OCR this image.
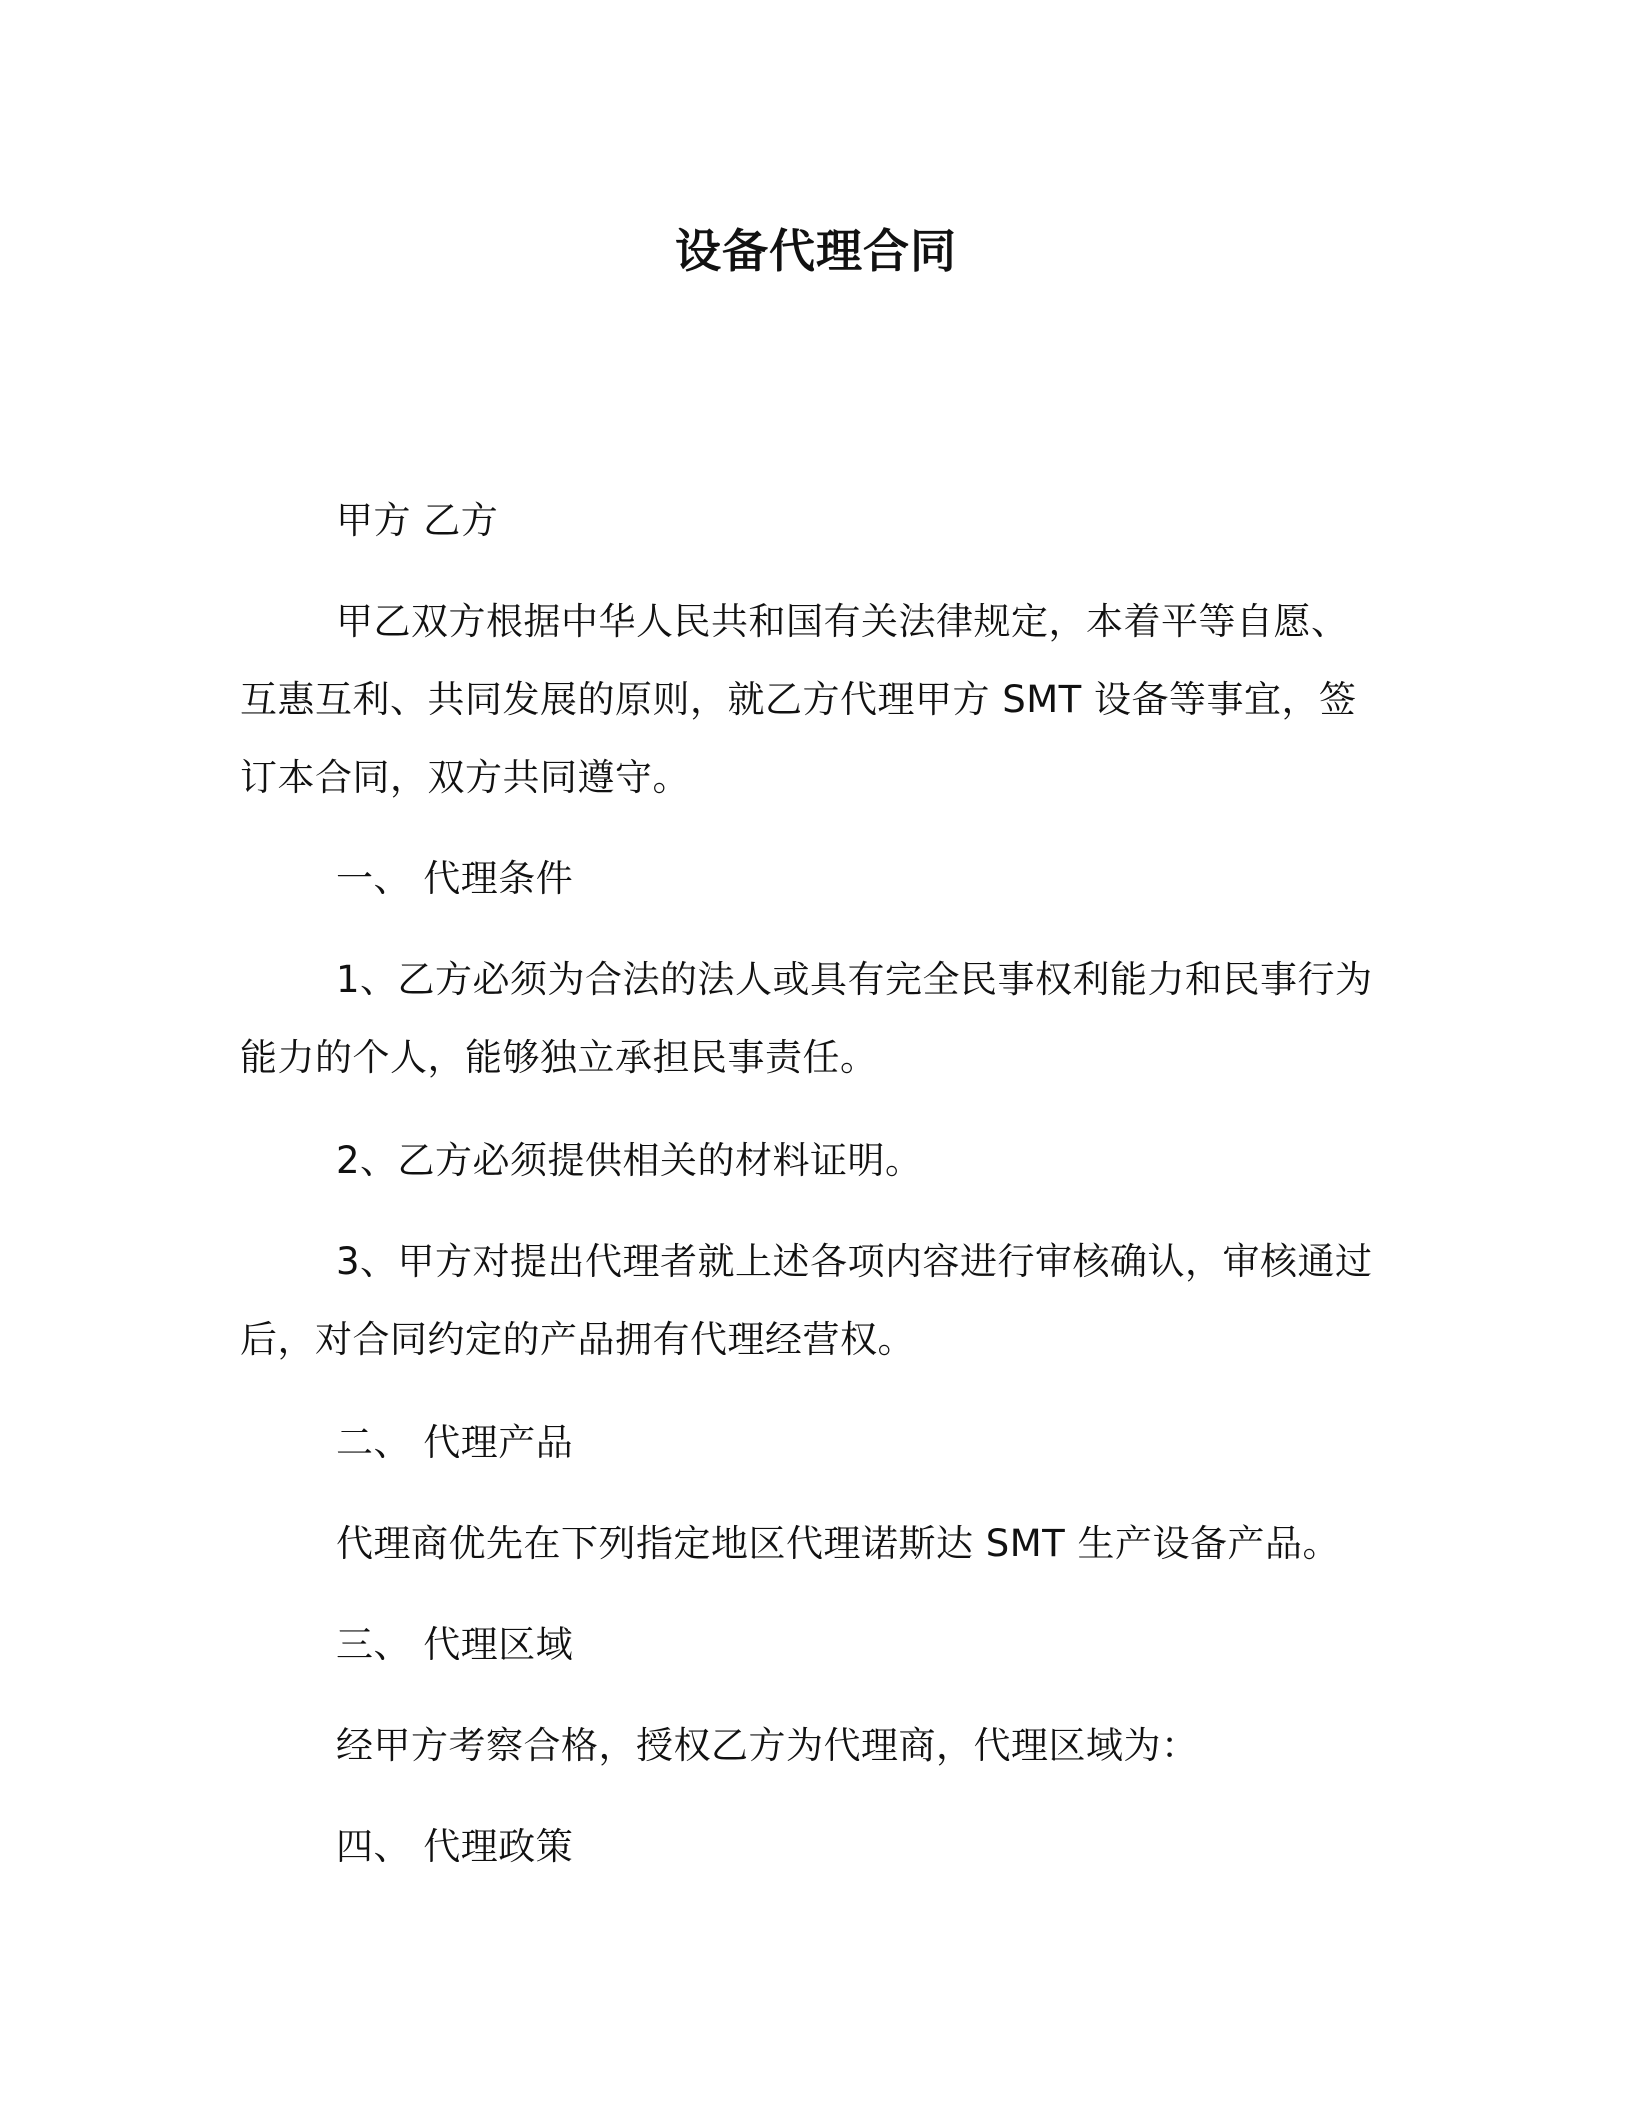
设备代理合同

甲方 乙方

甲乙双方根据中华人民共和国有关法律规定，本着平等自愿、互惠互利、共同发展的原则，就乙方代理甲方 SMT 设备等事宜，签订本合同，双方共同遵守。

一、 代理条件

1、乙方必须为合法的法人或具有完全民事权利能力和民事行为能力的个人，能够独立承担民事责任。

2、乙方必须提供相关的材料证明。

3、甲方对提出代理者就上述各项内容进行审核确认，审核通过后，对合同约定的产品拥有代理经营权。

二、 代理产品

代理商优先在下列指定地区代理诺斯达 SMT 生产设备产品。

三、 代理区域

经甲方考察合格，授权乙方为代理商，代理区域为：

四、 代理政策
